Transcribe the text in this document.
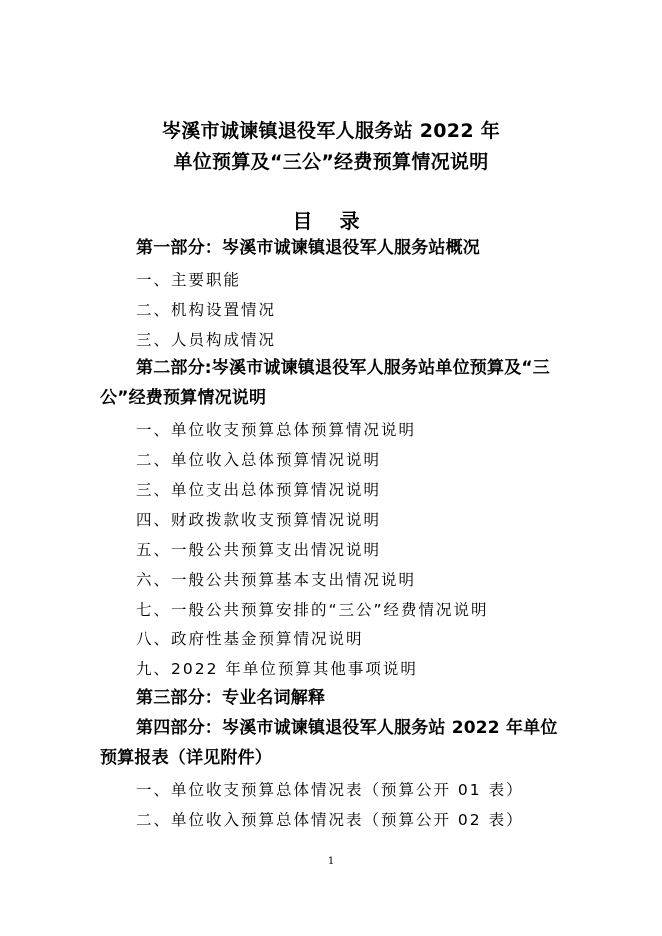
岑溪市诚谏镇退役军人服务站 2022 年
单位预算及“三公”经费预算情况说明
目 录
第一部分：岑溪市诚谏镇退役军人服务站概况
一、主要职能
二、机构设置情况
三、人员构成情况
第二部分:岑溪市诚谏镇退役军人服务站单位预算及“三公”经费预算情况说明
一、单位收支预算总体预算情况说明
二、单位收入总体预算情况说明
三、单位支出总体预算情况说明
四、财政拨款收支预算情况说明
五、一般公共预算支出情况说明
六、一般公共预算基本支出情况说明
七、一般公共预算安排的“三公”经费情况说明
八、政府性基金预算情况说明
九、2022 年单位预算其他事项说明
第三部分：专业名词解释
第四部分：岑溪市诚谏镇退役军人服务站 2022 年单位预算报表（详见附件）
一、单位收支预算总体情况表（预算公开 01 表）
二、单位收入预算总体情况表（预算公开 02 表）
1
